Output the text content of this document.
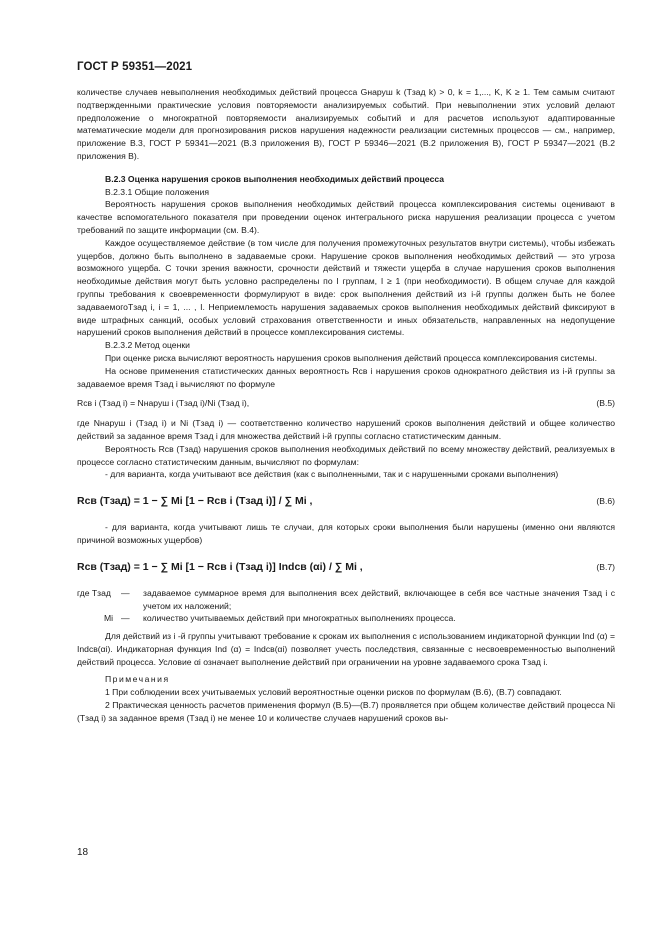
ГОСТ Р 59351—2021

количестве случаев невыполнения необходимых действий процесса Gнаруш k (Tзад k) > 0, k = 1,..., K, K ≥ 1. Тем самым считают подтвержденными практические условия повторяемости анализируемых событий. При невыполнении этих условий делают предположение о многократной повторяемости анализируемых событий и для расчетов используют адаптированные математические модели для прогнозирования рисков нарушения надежности реализации системных процессов — см., например, приложение В.3, ГОСТ Р 59341—2021 (В.3 приложения В), ГОСТ Р 59346—2021 (В.2 приложения В), ГОСТ Р 59347—2021 (В.2 приложения В).

В.2.3 Оценка нарушения сроков выполнения необходимых действий процесса

В.2.3.1 Общие положения

Вероятность нарушения сроков выполнения необходимых действий процесса комплексирования системы оценивают в качестве вспомогательного показателя при проведении оценок интегрального риска нарушения реализации процесса с учетом требований по защите информации (см. В.4).

Каждое осуществляемое действие (в том числе для получения промежуточных результатов внутри системы), чтобы избежать ущербов, должно быть выполнено в задаваемые сроки. Нарушение сроков выполнения необходимых действий — это угроза возможного ущерба. С точки зрения важности, срочности действий и тяжести ущерба в случае нарушения сроков выполнения необходимые действия могут быть условно распределены по I группам, I ≥ 1 (при необходимости). В общем случае для каждой группы требования к своевременности формулируют в виде: срок выполнения действий из i-й группы должен быть не более задаваемогоTзад i, i = 1, ... , I. Неприемлемость нарушения задаваемых сроков выполнения необходимых действий фиксируют в виде штрафных санкций, особых условий страхования ответственности и иных обязательств, направленных на недопущение нарушений сроков выполнения действий в процессе комплексирования системы.

В.2.3.2 Метод оценки

При оценке риска вычисляют вероятность нарушения сроков выполнения действий процесса комплексирования системы.

На основе применения статистических данных вероятность Rсв i нарушения сроков однократного действия из i-й группы за задаваемое время Tзад i вычисляют по формуле

Rсв i (Tзад i) = Nнаруш i (Tзад i)/Ni (Tзад i),	(В.5)

где Nнаруш i (Tзад i) и Ni (Tзад i) — соответственно количество нарушений сроков выполнения действий и общее количество действий за заданное время Tзад i для множества действий i-й группы согласно статистическим данным.

Вероятность Rсв (Tзад) нарушения сроков выполнения необходимых действий по всему множеству действий, реализуемых в процессе согласно статистическим данным, вычисляют по формулам:

- для варианта, когда учитывают все действия (как с выполненными, так и с нарушенными сроками выполнения)

Rсв (Tзад) = 1 − ∑ Mi [1 − Rсв i (Tзад i)] / ∑ Mi ,	(В.6)

- для варианта, когда учитывают лишь те случаи, для которых сроки выполнения были нарушены (именно они являются причиной возможных ущербов)

Rсв (Tзад) = 1 − ∑ Mi [1 − Rсв i (Tзад i)] Indсв (αi) / ∑ Mi ,	(В.7)

где Tзад	—	задаваемое суммарное время для выполнения всех действий, включающее в себя все частные значения Tзад i с учетом их наложений;
Mi —	количество учитываемых действий при многократных выполнениях процесса.

Для действий из i -й группы учитывают требование к срокам их выполнения с использованием индикаторной функции Ind (α) = Indсв(αi). Индикаторная функция Ind (α) = Indсв(αi) позволяет учесть последствия, связанные с несвоевременностью выполнений действий процесса. Условие αi означает выполнение действий при ограничении на уровне задаваемого срока Tзад i.

Примечания

1 При соблюдении всех учитываемых условий вероятностные оценки рисков по формулам (В.6), (В.7) совпадают.

2 Практическая ценность расчетов применения формул (В.5)—(В.7) проявляется при общем количестве действий процесса Ni (Tзад i) за заданное время (Tзад i) не менее 10 и количестве случаев нарушений сроков вы-

18
